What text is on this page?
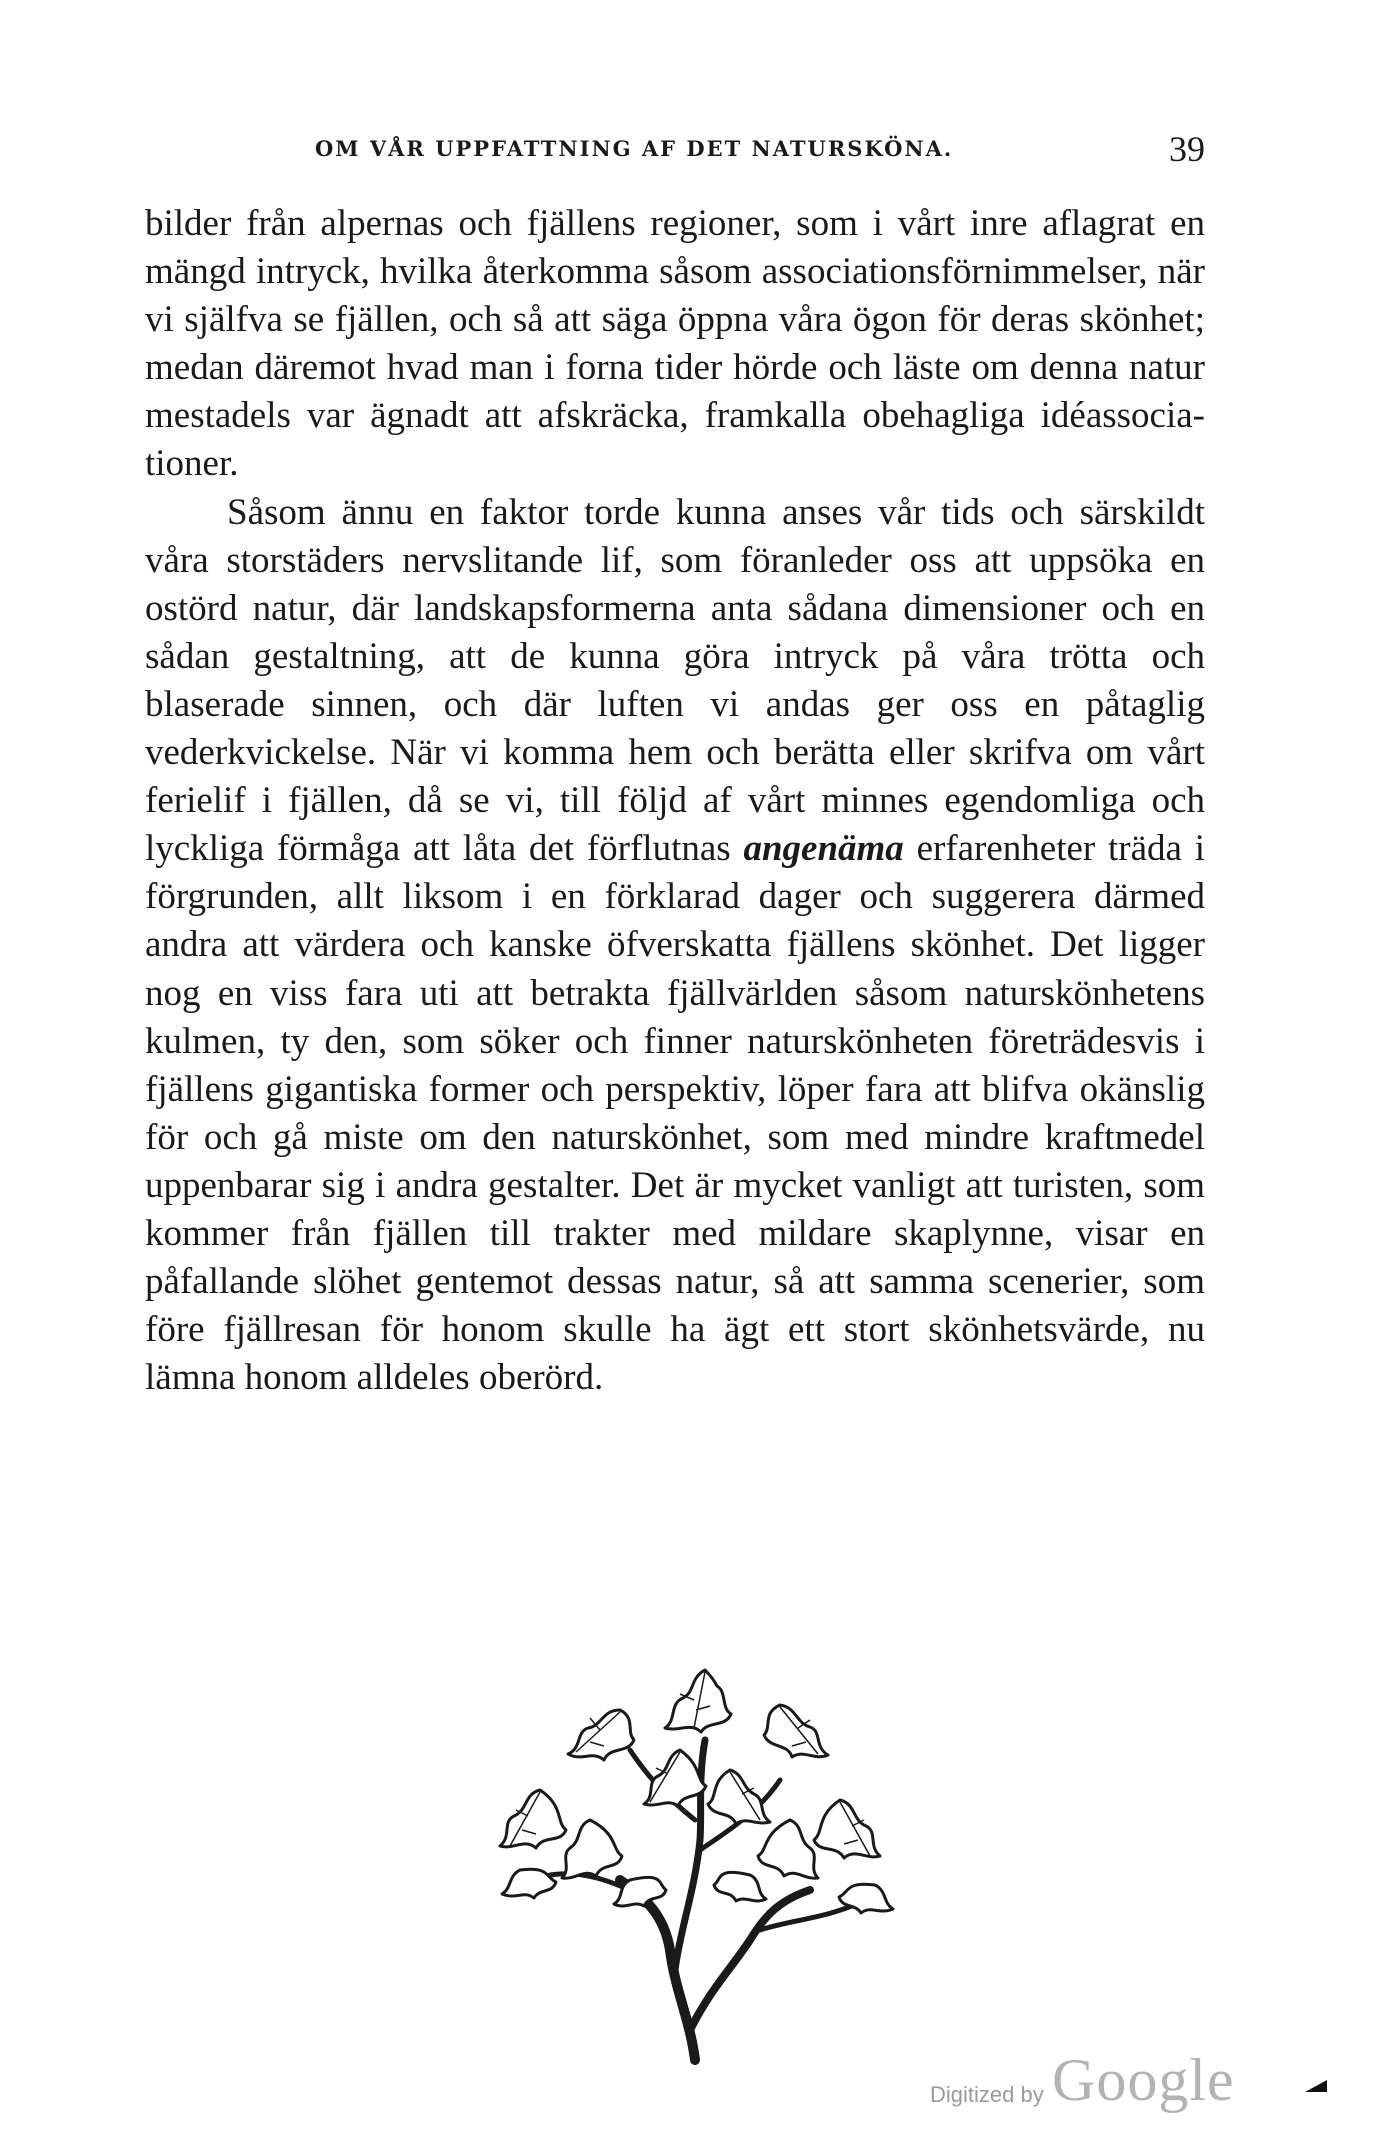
OM VÅR UPPFATTNING AF DET NATURSKÖNA.	39

bilder från alpernas och fjällens regioner, som i vårt inre aflagrat en mängd intryck, hvilka återkomma såsom associationsförnimmelser, när vi själfva se fjällen, och så att säga öppna våra ögon för deras skönhet; medan däremot hvad man i forna tider hörde och läste om denna natur mestadels var ägnadt att afskräcka, framkalla obehagliga idéassociationer.

Såsom ännu en faktor torde kunna anses vår tids och särskildt våra storstäders nervslitande lif, som föranleder oss att uppsöka en ostörd natur, där landskapsformerna anta sådana dimensioner och en sådan gestaltning, att de kunna göra intryck på våra trötta och blaserade sinnen, och där luften vi andas ger oss en påtaglig vederkvickelse. När vi komma hem och berätta eller skrifva om vårt ferielif i fjällen, då se vi, till följd af vårt minnes egendomliga och lyckliga förmåga att låta det förflutnas angenäma erfarenheter träda i förgrunden, allt liksom i en förklarad dager och suggerera därmed andra att värdera och kanske öfverskatta fjällens skönhet. Det ligger nog en viss fara uti att betrakta fjällvärlden såsom naturskönhetens kulmen, ty den, som söker och finner naturskönheten företrädesvis i fjällens gigantiska former och perspektiv, löper fara att blifva okänslig för och gå miste om den naturskönhet, som med mindre kraftmedel uppenbarar sig i andra gestalter. Det är mycket vanligt att turisten, som kommer från fjällen till trakter med mildare skaplynne, visar en påfallande slöhet gentemot dessas natur, så att samma scenerier, som före fjällresan för honom skulle ha ägt ett stort skönhetsvärde, nu lämna honom alldeles oberörd.

Digitized by Google
